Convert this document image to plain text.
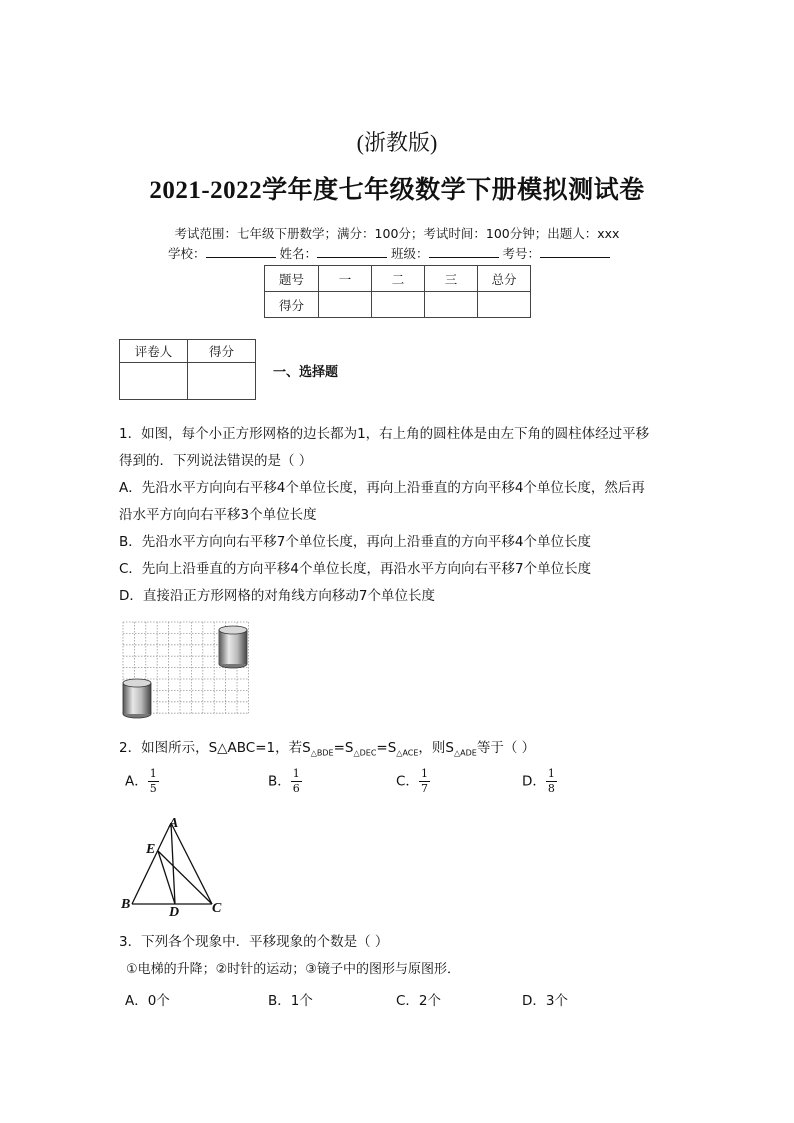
(浙教版)
2021-2022学年度七年级数学下册模拟测试卷
考试范围：七年级下册数学；满分：100分；考试时间：100分钟；出题人：xxx
学校：	姓名：	班级：	考号：
题号	一	二	三	总分
得分				
评卷人	得分

一、选择题
1．如图，每个小正方形网格的边长都为1，右上角的圆柱体是由左下角的圆柱体经过平移
得到的．下列说法错误的是（ ）
A．先沿水平方向向右平移4个单位长度，再向上沿垂直的方向平移4个单位长度，然后再
沿水平方向向右平移3个单位长度
B．先沿水平方向向右平移7个单位长度，再向上沿垂直的方向平移4个单位长度
C．先向上沿垂直的方向平移4个单位长度，再沿水平方向向右平移7个单位长度
D．直接沿正方形网格的对角线方向移动7个单位长度
2．如图所示，S△ABC=1，若$S_{\triangle BDE}=S_{\triangle DEC}=S_{\triangle ACE}$，则$S_{\triangle ADE}$等于（ ）
A． $\frac{1}{5}$	B． $\frac{1}{6}$	C． $\frac{1}{7}$	D． $\frac{1}{8}$
A
E
B
D C
3．下列各个现象中．平移现象的个数是（ ）
①电梯的升降；②时针的运动；③镜子中的图形与原图形．
A．0个	B．1个	C．2个	D．3个
